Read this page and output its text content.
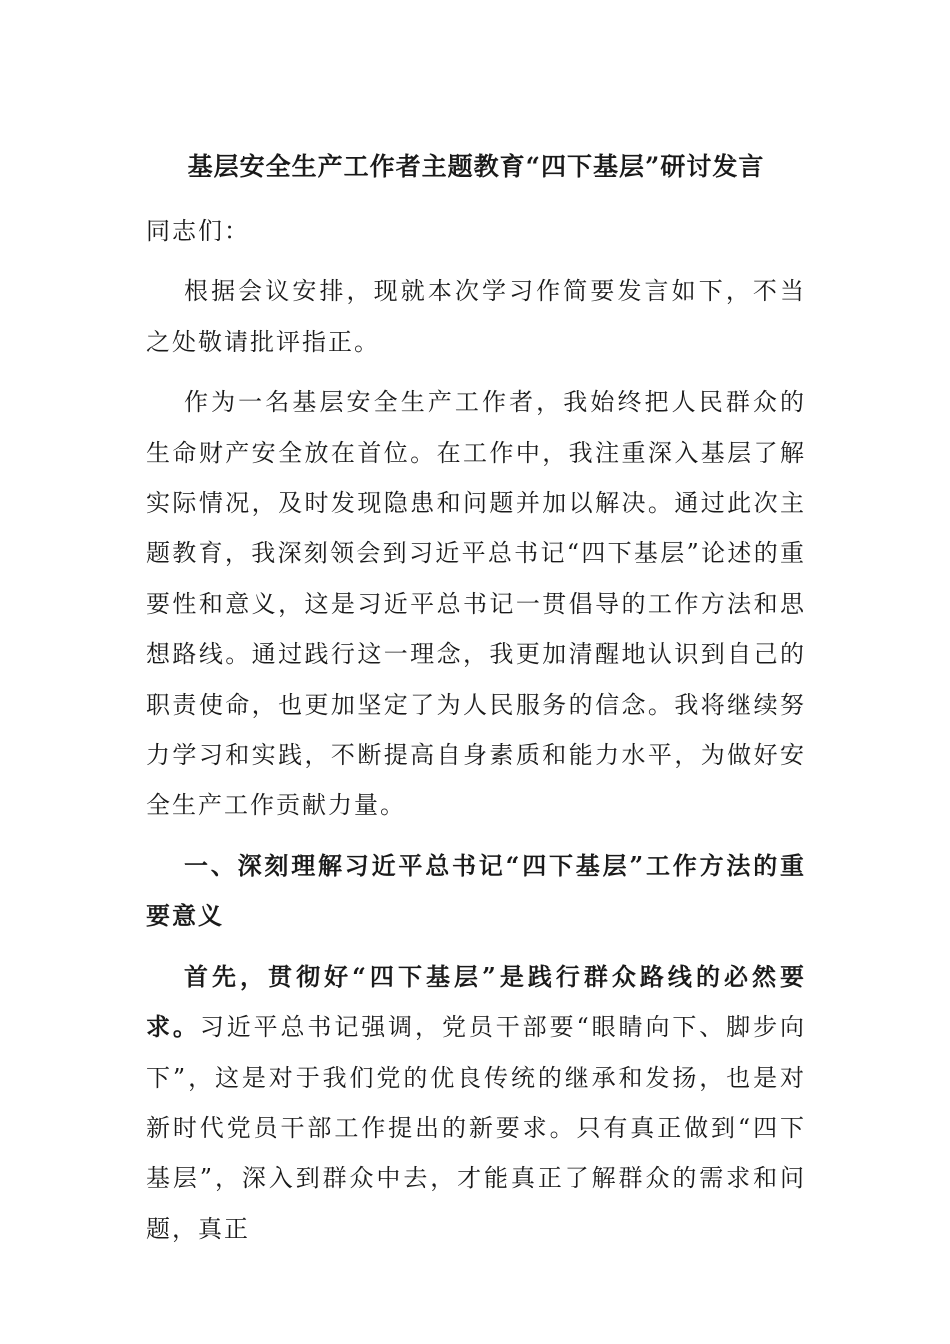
基层安全生产工作者主题教育“四下基层”研讨发言
同志们：
根据会议安排，现就本次学习作简要发言如下，不当之处敬请批评指正。
作为一名基层安全生产工作者，我始终把人民群众的生命财产安全放在首位。在工作中，我注重深入基层了解实际情况，及时发现隐患和问题并加以解决。通过此次主题教育，我深刻领会到习近平总书记“四下基层”论述的重要性和意义，这是习近平总书记一贯倡导的工作方法和思想路线。通过践行这一理念，我更加清醒地认识到自己的职责使命，也更加坚定了为人民服务的信念。我将继续努力学习和实践，不断提高自身素质和能力水平，为做好安全生产工作贡献力量。
一、深刻理解习近平总书记“四下基层”工作方法的重要意义
首先，贯彻好“四下基层”是践行群众路线的必然要求。习近平总书记强调，党员干部要“眼睛向下、脚步向下”，这是对于我们党的优良传统的继承和发扬，也是对新时代党员干部工作提出的新要求。只有真正做到“四下基层”，深入到群众中去，才能真正了解群众的需求和问题，真正
